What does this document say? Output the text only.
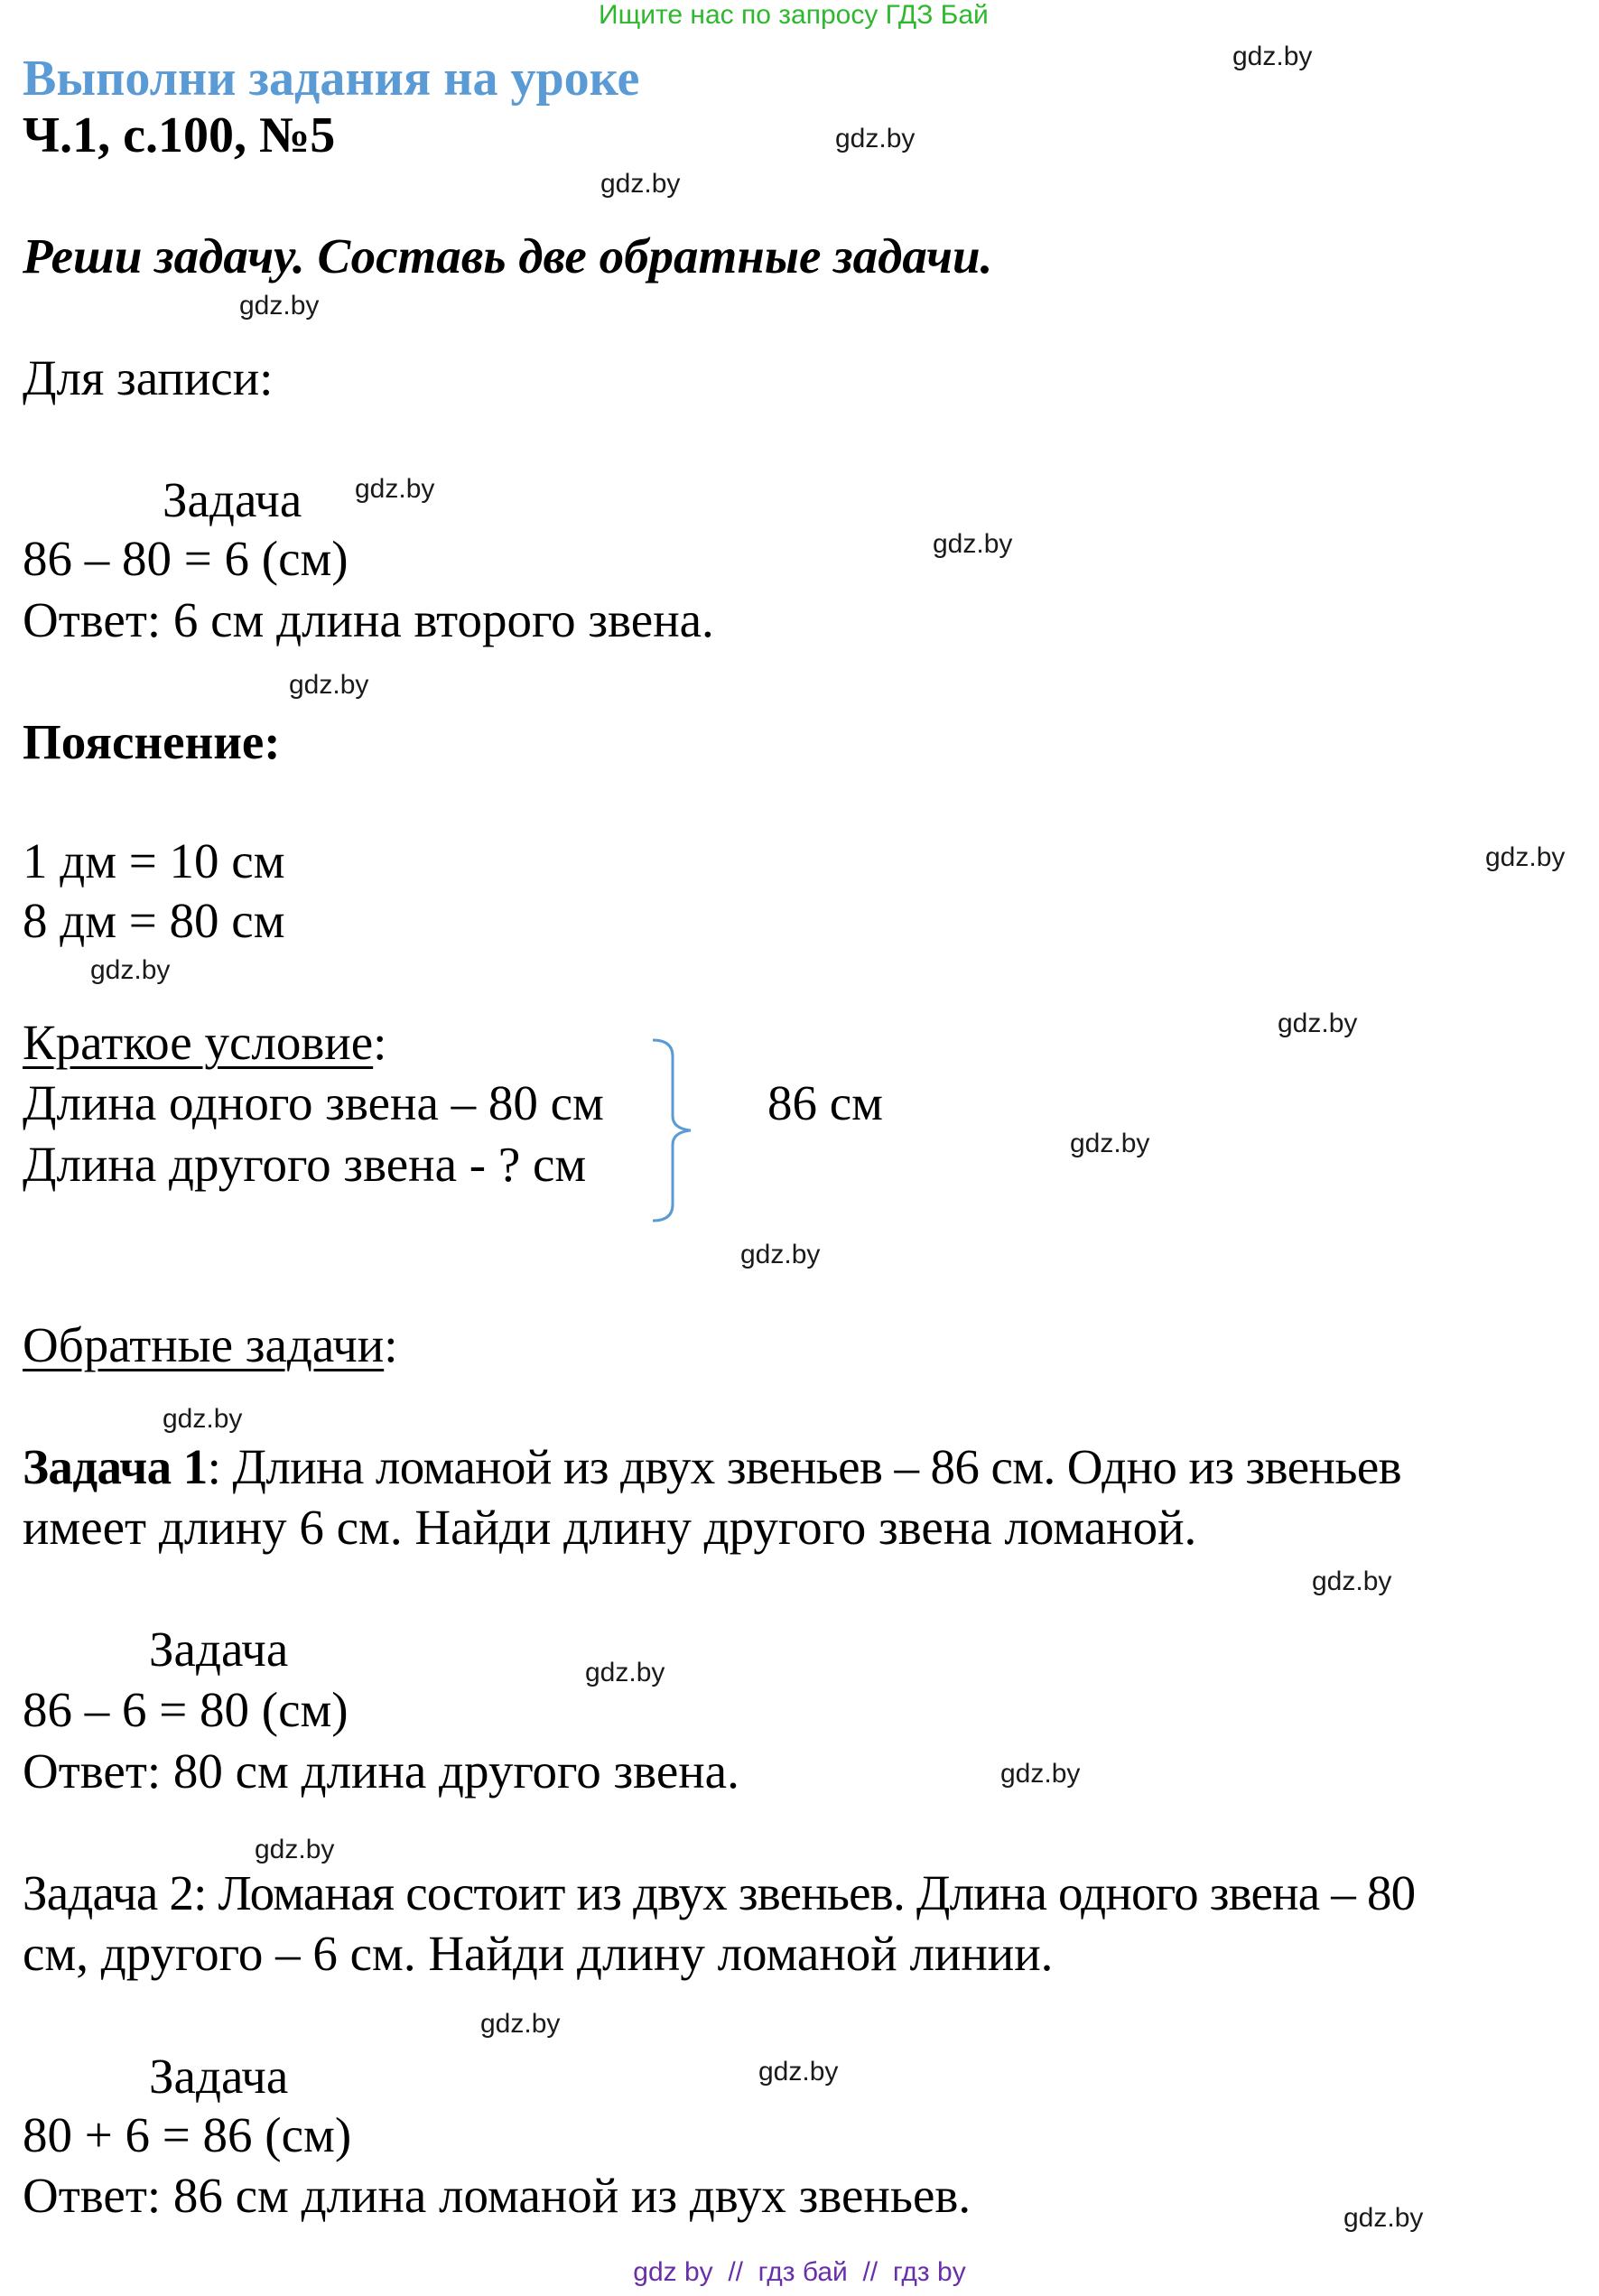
Ищите нас по запросу ГДЗ Бай
Выполни задания на уроке
Ч.1, с.100, №5
Реши задачу. Составь две обратные задачи.
Для записи:
Задача
86 – 80 = 6 (см)
Ответ: 6 см длина второго звена.
Пояснение:
1 дм = 10 см
8 дм = 80 см
Краткое условие:
Длина одного звена – 80 см
Длина другого звена - ? см
86 см
Обратные задачи:
Задача 1: Длина ломаной из двух звеньев – 86 см. Одно из звеньев
имеет длину 6 см. Найди длину другого звена ломаной.
Задача
86 – 6 = 80 (см)
Ответ: 80 см длина другого звена.
Задача 2: Ломаная состоит из двух звеньев. Длина одного звена – 80
см, другого – 6 см. Найди длину ломаной линии.
Задача
80 + 6 = 86 (см)
Ответ: 86 см длина ломаной из двух звеньев.
gdz.by
gdz.by
gdz.by
gdz.by
gdz.by
gdz.by
gdz.by
gdz.by
gdz.by
gdz.by
gdz.by
gdz.by
gdz.by
gdz.by
gdz.by
gdz.by
gdz.by
gdz.by
gdz.by
gdz.by
gdz by  //  гдз бай  //  гдз by
